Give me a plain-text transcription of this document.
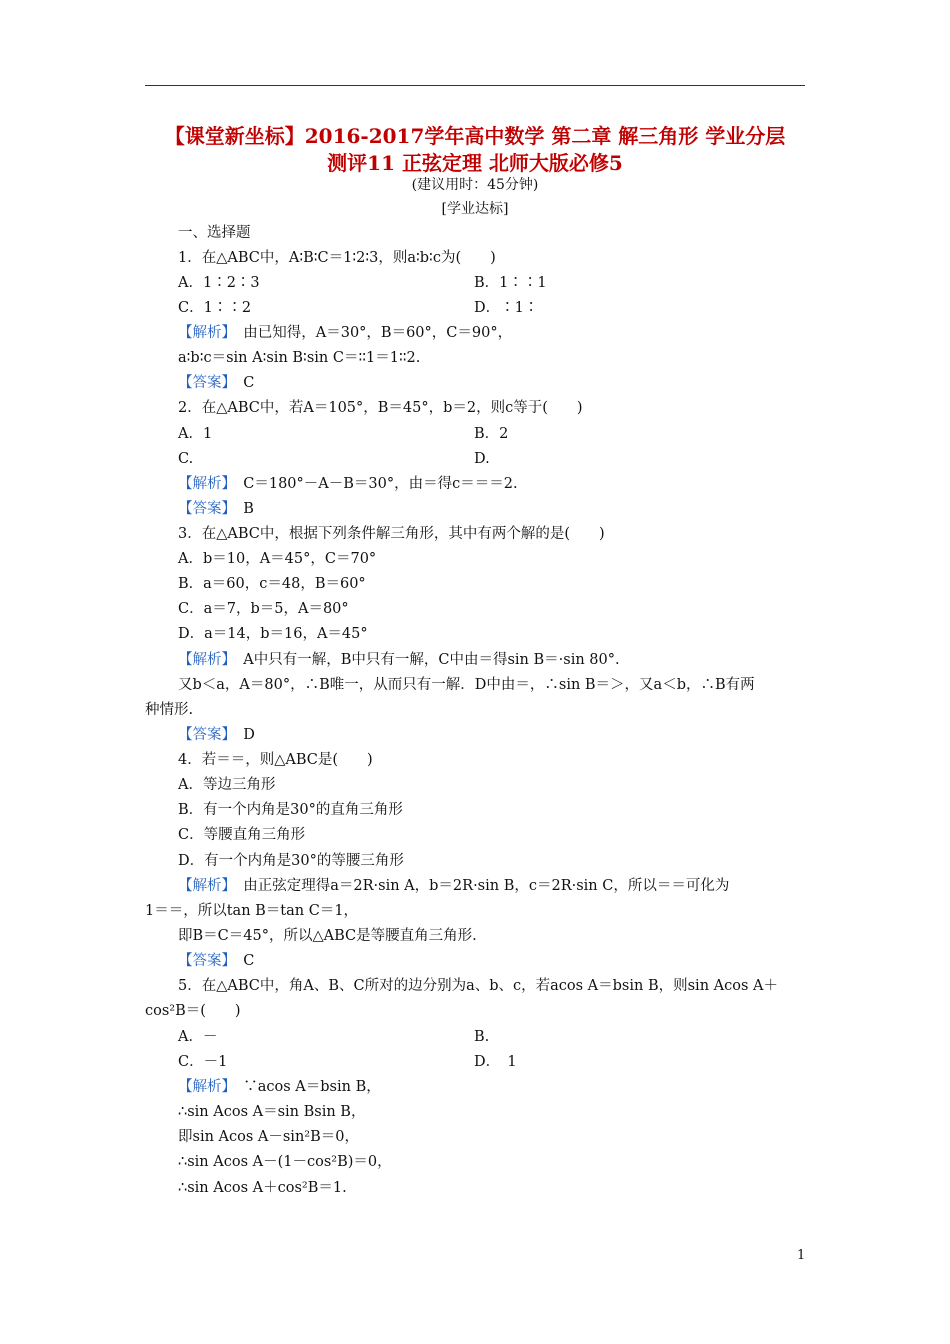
【课堂新坐标】2016-2017学年高中数学 第二章 解三角形 学业分层
测评11 正弦定理 北师大版必修5
(建议用时：45分钟)
[学业达标]
一、选择题
1．在△ABC中，A∶B∶C＝1∶2∶3，则a∶b∶c为(　　)
A．1∶2∶3	B．1∶∶1
C．1∶∶2	D．∶1∶
【解析】　 由已知得，A＝30°，B＝60°，C＝90°，
a∶b∶c＝sin A∶sin B∶sin C＝∶∶1＝1∶∶2.
【答案】　 C
2．在△ABC中，若A＝105°，B＝45°，b＝2，则c等于(　　)
A．1	B．2
C.	D.
【解析】　 C＝180°－A－B＝30°，由＝得c＝＝＝2.
【答案】　 B
3．在△ABC中，根据下列条件解三角形，其中有两个解的是(　　)
A．b＝10，A＝45°，C＝70°
B．a＝60，c＝48，B＝60°
C．a＝7，b＝5，A＝80°
D．a＝14，b＝16，A＝45°
【解析】　 A中只有一解，B中只有一解，C中由＝得sin B＝·sin 80°.
又b＜a，A＝80°，∴B唯一，从而只有一解．D中由＝，∴sin B＝＞，又a＜b，∴B有两
种情形.
【答案】　 D
4．若＝＝，则△ABC是(　　)
A．等边三角形
B．有一个内角是30°的直角三角形
C．等腰直角三角形
D．有一个内角是30°的等腰三角形
【解析】　 由正弦定理得a＝2R·sin A，b＝2R·sin B，c＝2R·sin C，所以＝＝可化为
1＝＝，所以tan B＝tan C＝1，
即B＝C＝45°，所以△ABC是等腰直角三角形.
【答案】　 C
5．在△ABC中，角A、B、C所对的边分别为a、b、c，若acos A＝bsin B，则sin Acos A＋
cos²B＝(　　)
A．－	B.
C．－1	D．　1
【解析】　 ∵acos A＝bsin B，
∴sin Acos A＝sin Bsin B，
即sin Acos A－sin²B＝0，
∴sin Acos A－(1－cos²B)＝0，
∴sin Acos A＋cos²B＝1.
1
